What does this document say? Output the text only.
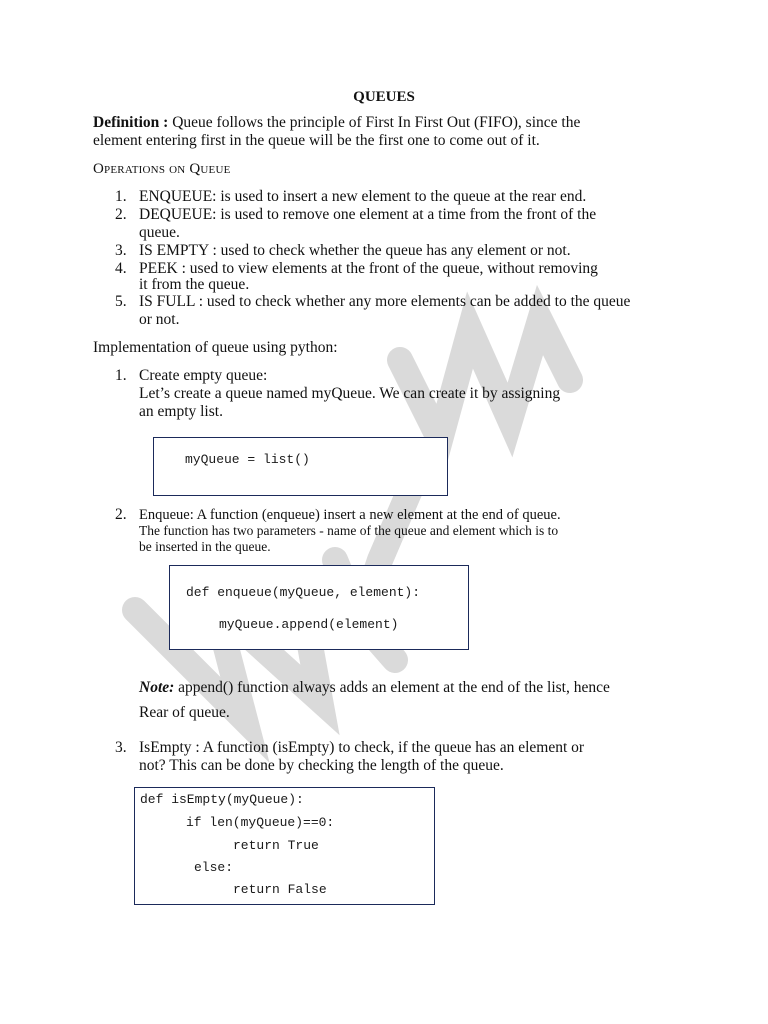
QUEUES
Definition : Queue follows the principle of First In First Out (FIFO), since the
element entering first in the queue will be the first one to come out of it.
OPERATIONS ON QUEUE
1. ENQUEUE: is used to insert a new element to the queue at the rear end.
2. DEQUEUE: is used to remove one element at a time from the front of the
queue.
3. IS EMPTY : used to check whether the queue has any element or not.
4. PEEK : used to view elements at the front of the queue, without removing
it from the queue.
5. IS FULL : used to check whether any more elements can be added to the queue
or not.
Implementation of queue using python:
1. Create empty queue:
Let’s create a queue named myQueue. We can create it by assigning
an empty list.
myQueue = list()
2. Enqueue: A function (enqueue) insert a new element at the end of queue.
The function has two parameters - name of the queue and element which is to
be inserted in the queue.
def enqueue(myQueue, element):
myQueue.append(element)
Note: append() function always adds an element at the end of the list, hence
Rear of queue.
3. IsEmpty : A function (isEmpty) to check, if the queue has an element or
not? This can be done by checking the length of the queue.
def isEmpty(myQueue):
if len(myQueue)==0:
return True
else:
return False
